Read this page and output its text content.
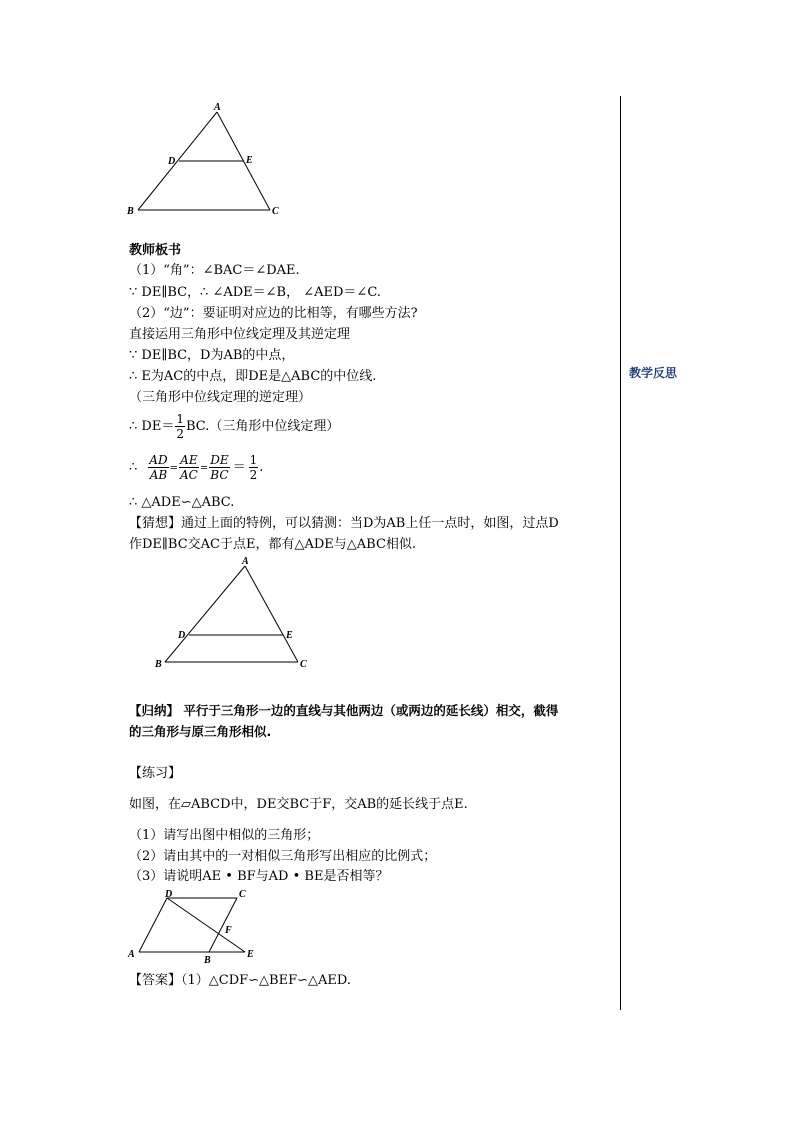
教学反思
A
B	C
D	E
教师板书
（1）“角”：∠BAC＝∠DAE.
∵ DE∥BC，∴ ∠ADE＝∠B， ∠AED＝∠C.
（2）“边”：要证明对应边的比相等，有哪些方法?
直接运用三角形中位线定理及其逆定理
∵ DE∥BC，D为AB的中点，
∴ E为AC的中点，即DE是△ABC的中位线.
（三角形中位线定理的逆定理）
∴ $DE= \frac{1}{2} BC$.（三角形中位线定理）
∴ $\frac{AD}{AB} = \frac{AE}{AC} = \frac{DE}{BC} = \frac{1}{2}$ .
∴ △ADE∽△ABC.
【猜想】通过上面的特例，可以猜测：当D为AB上任一点时，如图，过点D
作DE∥BC交AC于点E，都有△ADE与△ABC相似.
A
B	C
D	E
【归纳】 平行于三角形一边的直线与其他两边（或两边的延长线）相交，截得
的三角形与原三角形相似.
【练习】
如图，在▱ABCD中，DE交BC于F，交AB的延长线于点E.
（1）请写出图中相似的三角形；
（2）请由其中的一对相似三角形写出相应的比例式；
（3）请说明AE • BF与AD • BE是否相等？
D	C
A
B
E
F
【答案】（1）△CDF∽△BEF∽△AED.
